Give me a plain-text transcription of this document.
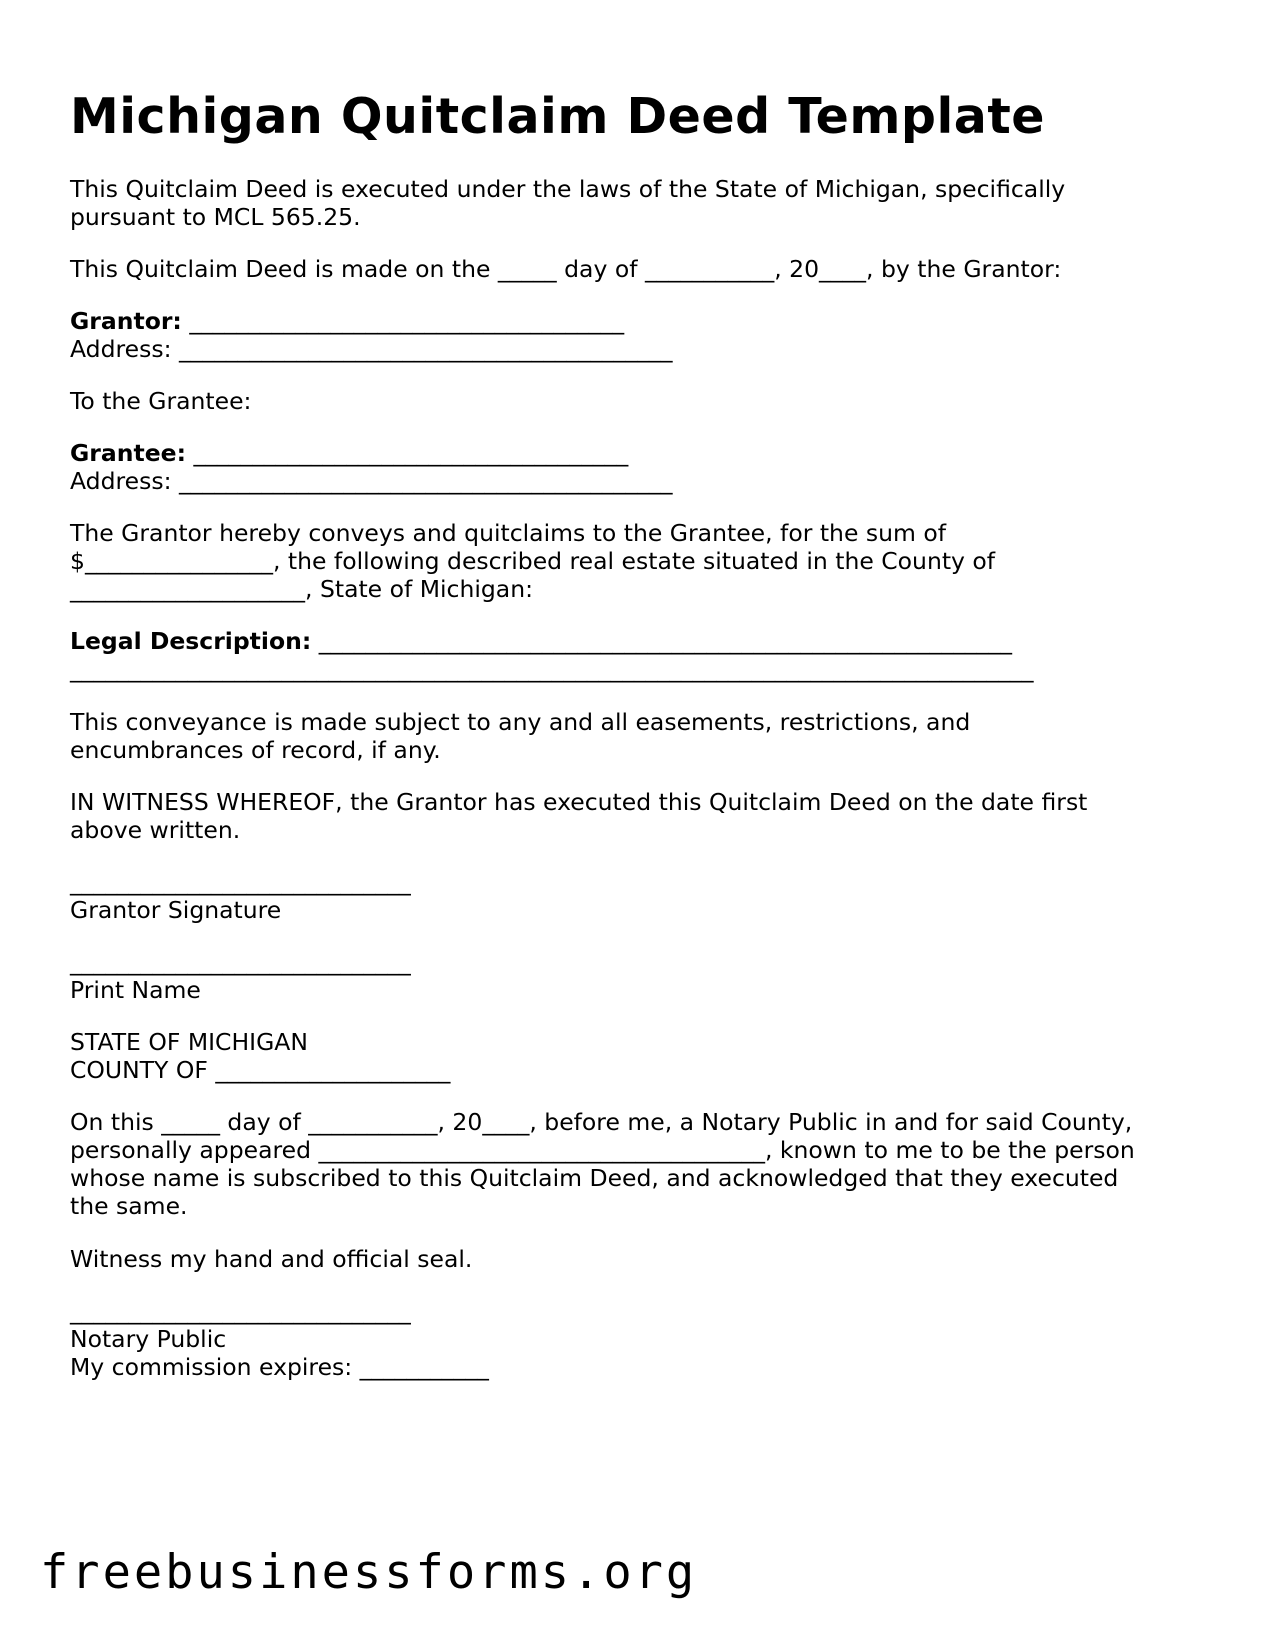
Michigan Quitclaim Deed Template

This Quitclaim Deed is executed under the laws of the State of Michigan, specifically

pursuant to MCL 565.25.

This Quitclaim Deed is made on the _____ day of ___________, 20____, by the Grantor:

Grantor: _____________________________________

Address: __________________________________________

To the Grantee:

Grantee: _____________________________________

Address: __________________________________________

The Grantor hereby conveys and quitclaims to the Grantee, for the sum of

$________________, the following described real estate situated in the County of

____________________, State of Michigan:

Legal Description: ___________________________________________________________

__________________________________________________________________________________

This conveyance is made subject to any and all easements, restrictions, and

encumbrances of record, if any.

IN WITNESS WHEREOF, the Grantor has executed this Quitclaim Deed on the date first

above written.

_____________________________

Grantor Signature

_____________________________

Print Name

STATE OF MICHIGAN

COUNTY OF ____________________

On this _____ day of ___________, 20____, before me, a Notary Public in and for said County,

personally appeared ______________________________________, known to me to be the person

whose name is subscribed to this Quitclaim Deed, and acknowledged that they executed

the same.

Witness my hand and official seal.

_____________________________

Notary Public

My commission expires: ___________

freebusinessforms.org
